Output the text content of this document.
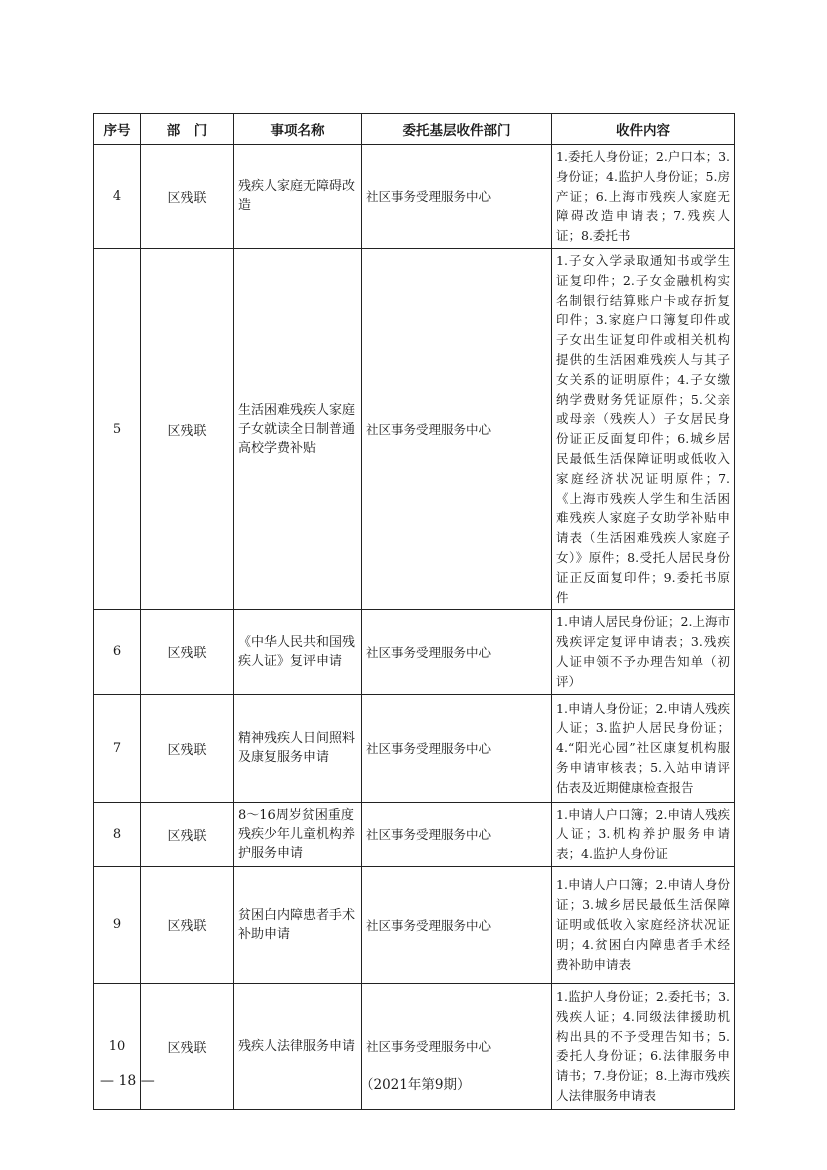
序号	部　门	事项名称	委托基层收件部门	收件内容
4	区残联	残疾人家庭无障碍改造	社区事务受理服务中心	1.委托人身份证；2.户口本；3.身份证；4.监护人身份证；5.房产证；6.上海市残疾人家庭无障碍改造申请表；7.残疾人证；8.委托书
5	区残联	生活困难残疾人家庭子女就读全日制普通高校学费补贴	社区事务受理服务中心	1.子女入学录取通知书或学生证复印件；2.子女金融机构实名制银行结算账户卡或存折复印件；3.家庭户口簿复印件或子女出生证复印件或相关机构提供的生活困难残疾人与其子女关系的证明原件；4.子女缴纳学费财务凭证原件；5.父亲或母亲（残疾人）子女居民身份证正反面复印件；6.城乡居民最低生活保障证明或低收入家庭经济状况证明原件；7.《上海市残疾人学生和生活困难残疾人家庭子女助学补贴申请表（生活困难残疾人家庭子女）》原件；8.受托人居民身份证正反面复印件；9.委托书原件
6	区残联	《中华人民共和国残疾人证》复评申请	社区事务受理服务中心	1.申请人居民身份证；2.上海市残疾评定复评申请表；3.残疾人证申领不予办理告知单（初评）
7	区残联	精神残疾人日间照料及康复服务申请	社区事务受理服务中心	1.申请人身份证；2.申请人残疾人证；3.监护人居民身份证；4.“阳光心园”社区康复机构服务申请审核表；5.入站申请评估表及近期健康检查报告
8	区残联	8～16周岁贫困重度残疾少年儿童机构养护服务申请	社区事务受理服务中心	1.申请人户口簿；2.申请人残疾人证；3.机构养护服务申请表；4.监护人身份证
9	区残联	贫困白内障患者手术补助申请	社区事务受理服务中心	1.申请人户口簿；2.申请人身份证；3.城乡居民最低生活保障证明或低收入家庭经济状况证明；4.贫困白内障患者手术经费补助申请表
10	区残联	残疾人法律服务申请	社区事务受理服务中心	1.监护人身份证；2.委托书；3.残疾人证；4.同级法律援助机构出具的不予受理告知书；5.委托人身份证；6.法律服务申请书；7.身份证；8.上海市残疾人法律服务申请表
— 18 —	（2021年第9期）
